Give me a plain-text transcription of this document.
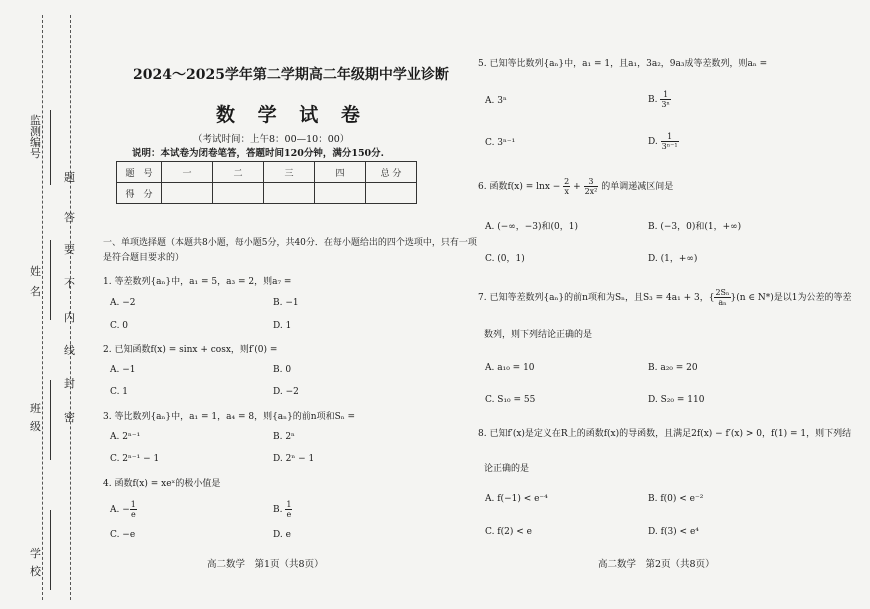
监测编号
姓名
班级
学校
题
答
要
不
内
线
封
密
2024～2025学年第二学期高二年级期中学业诊断
数 学 试 卷
（考试时间：上午8：00—10：00）
说明：本试卷为闭卷笔答，答题时间120分钟，满分150分.
题　号	一	二	三	四	总 分
得　分					
一、单项选择题（本题共8小题，每小题5分，共40分．在每小题给出的四个选项中，只有一项
是符合题目要求的）
1. 等差数列{aₙ}中，a₁ = 5，a₃ = 2，则a₇ =
A. −2	B. −1
C. 0	D. 1
2. 已知函数f(x) = sinx + cosx，则f′(0) =
A. −1	B. 0
C. 1	D. −2
3. 等比数列{aₙ}中，a₁ = 1，a₄ = 8，则{aₙ}的前n项和Sₙ =
A. 2ⁿ⁻¹	B. 2ⁿ
C. 2ⁿ⁻¹ − 1	D. 2ⁿ − 1
4. 函数f(x) = xeˣ的极小值是
A. − $\frac{1}{e}$	B. $\frac{1}{e}$
C. −e	D. e
高二数学　第1页（共8页）
5. 已知等比数列{aₙ}中，a₁ = 1，且a₁，3a₂，9a₃成等差数列，则aₙ =
A. 3ⁿ	B. $\frac{1}{\text{3ⁿ}}$
C. 3ⁿ⁻¹	D. $\frac{1}{\text{3ⁿ⁻¹}}$
6. 函数$f(x) = \ln x - \frac{2}{x} + \frac{3}{\text{2x²}}$ 的单调递减区间是
A. (−∞，−3)和(0，1)	B. (−3，0)和(1，+∞)
C. (0，1)	D. (1，+∞)
7. 已知等差数列{aₙ}的前n项和为Sₙ，且S₃ = 4a₁ + 3，{ $\frac{\text{2Sₙ}}{\text{aₙ}} \}(n$ ∈ N*)是以1为公差的等差
数列，则下列结论正确的是
A. a₁₀ = 10	B. a₂₀ = 20
C. S₁₀ = 55	D. S₂₀ = 110
8. 已知f′(x)是定义在R上的函数f(x)的导函数，且满足2f(x) − f′(x) > 0，f(1) = 1，则下列结
论正确的是
A. f(−1) < e⁻⁴	B. f(0) < e⁻²
C. f(2) < e	D. f(3) < e⁴
高二数学　第2页（共8页）
